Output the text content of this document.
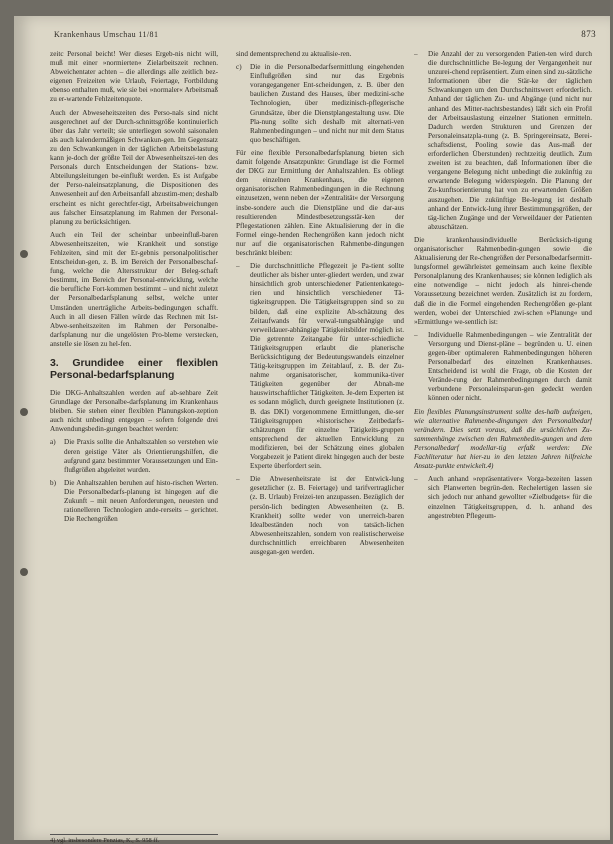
Krankenhaus Umschau 11/81	873

zeitc Personal beicht! Wer dieses Ergeb-nis nicht will, muß mit einer »normierten« Zielarbeitszeit rechnen. Abweichentater achten – die allerdings alle zeitlich bez-eigenen Freizeiten wie Urlaub, Feiertage, Fortbildung ebenso enthalten muß, wie sie bei »normaler« Arbeitsmaß zu er-wartende Fehlzeitenquote.

Auch der Abweseheitszeiten des Perso-nals sind nicht ausgerechnet auf der Durch-schnittsgröße kontinuierlich über das Jahr verteilt; sie unterliegen sowohl saisonalen als auch kalendermäßigen Schwankun-gen. Im Gegensatz zu den Schwankungen in der täglichen Arbeitsbelastung kann je-doch der größte Teil der Abwesenheitszei-ten des Personals durch Entscheidungen der Stations- bzw. Abteilungsleitungen be-einflußt werden. Es ist Aufgabe der Perso-naleinsatzplanung, die Dispositionen des Anwesenheit auf den Arbeitsanfall abzustim-men; deshalb erscheint es nicht gerechtfer-tigt, Arbeitsabweichungen aus falscher Einsatzplanung im Rahmen der Personal-planung zu berücksichtigen.

Auch ein Teil der scheinbar unbeeinfluß-baren Abwesenheitszeiten, wie Krankheit und sonstige Fehlzeiten, sind mit der Er-gebnis personalpolitischer Entscheidun-gen, z. B. im Bereich der Personalbeschaf-fung, welche die Altersstruktur der Beleg-schaft bestimmt, im Bereich der Personal-entwicklung, welche die berufliche Fort-kommen bestimmt – und nicht zuletzt der Personalbedarfsplanung selbst, welche unter Umständen unerträgliche Arbeits-bedingungen schafft. Auch in all diesen Fällen würde das Rechnen mit Ist-Abwe-senheitszeiten im Rahmen der Personalbe-darfsplanung nur die ungelösten Pro-bleme verstecken, anstelle sie lösen zu hel-fen.

3. Grundidee einer flexiblen Personal-bedarfsplanung

Die DKG-Anhaltszahlen werden auf ab-sehbare Zeit Grundlage der Personalbe-darfsplanung im Krankenhaus bleiben. Sie stehen einer flexiblen Planungskon-zeption auch nicht unbedingt entgegen – sofern folgende drei Anwendungsbedin-gungen beachtet werden:

a)	Die Praxis sollte die Anhaltszahlen so verstehen wie deren geistige Väter als Orientierungshilfen, die aufgrund ganz bestimmter Voraussetzungen und Ein-flußgrößen abgeleitet wurden.
b)	Die Anhaltszahlen beruhen auf histo-rischen Werten. Die Personalbedarfs-planung ist hingegen auf die Zukunft – mit neuen Anforderungen, neuesten und rationelleren Technologien ande-rerseits – gerichtet. Die Rechengrößen
4) vgl. insbesondere Penzias, K., S. 958 ff.

sind dementsprechend zu aktualisie-ren.

c)	Die in die Personalbedarfsermittlung eingehenden Einflußgrößen sind nur das Ergebnis vorangegangener Ent-scheidungen, z. B. über den baulichen Zustand des Hauses, über medizini-sche Technologien, über medizinisch-pflegerische Grundsätze, über die Dienstplangestaltung usw. Die Pla-nung sollte sich deshalb mit alternati-ven Rahmenbedingungen – und nicht nur mit dem Status quo beschäftigen.

Für eine flexible Personalbedarfsplanung bieten sich damit folgende Ansatzpunkte: Grundlage ist die Formel der DKG zur Ermittlung der Anhaltszahlen. Es obliegt dem einzelnen Krankenhaus, die eigenen organisatorischen Rahmenbedingungen in die Rechnung einzusetzen, wenn neben der »Zentralität« der Versorgung insbe-sondere auch die Dienstpläne und die dar-aus resultierenden Mindestbesetzungsstär-ken der Pflegestationen zählen. Eine Aktualisierung der in die Formel einge-henden Rechengrößen kann jedoch nicht nur auf die organisatorischen Rahmenbe-dingungen beschränkt bleiben:

–	Die durchschnittliche Pflegezeit je Pa-tient sollte deutlicher als bisher unter-gliedert werden, und zwar hinsichtlich grob unterschiedener Patientenkatego-rien und hinsichtlich verschiedener Tä-tigkeitsgruppen. Die Tätigkeitsgruppen sind so zu bilden, daß eine explizite Ab-schätzung des Zeitaufwands für verwal-tungsabhängige und verweildauer-abhängige Tätigkeitsbilder möglich ist. Die getrennte Zeitangabe für unter-schiedliche Tätigkeitsgruppen erlaubt die planerische Berücksichtigung der Bedeutungswandels einzelner Tätig-keitsgruppen im Zeitablauf, z. B. der Zu-nahme organisatorischer, kommunika-tiver Tätigkeiten gegenüber der Abnah-me hauswirtschaftlicher Tätigkeiten. Je-dem Experten ist es sodann möglich, durch geeignete Institutionen (z. B. das DKI) vorgenommene Ermittlungen, die-ser Tätigkeitsgruppen »historische« Zeitbedarfs-schätzungen für einzelne Tätigkeits-gruppen entsprechend der aktuellen Entwicklung zu modifizieren, bei der Schätzung eines globalen Vorgabezeit je Patient direkt hingegen auch der beste Experte überfordert sein.
–	Die Abwesenheitsrate ist der Entwick-lung gesetzlicher (z. B. Feiertage) und tarifvertraglicher (z. B. Urlaub) Freizei-ten anzupassen. Bezüglich der persön-lich bedingten Abwesenheiten (z. B. Krankheit) sollte weder von unerreich-baren Idealbeständen noch von tatsäch-lichen Abwesenheitszahlen, sondern von realistischerweise durchschnittlich erreichbaren Abwesenheiten ausgegan-gen werden.
–	Die Anzahl der zu versorgenden Patien-ten wird durch die durchschnittliche Be-legung der Vergangenheit nur unzurei-chend repräsentiert. Zum einen sind zu-sätzliche Informationen über die Stär-ke der täglichen Schwankungen um den Durchschnittswert erforderlich. Anhand der täglichen Zu- und Abgänge (und nicht nur anhand des Mitter-nachtsbestandes) läßt sich ein Profil der Arbeitsauslastung einzelner Stationen ermitteln. Dadurch werden Strukturen und Grenzen der Personaleinsatzpla-nung (z. B. Springereinsatz, Berei-schaftsdienst, Pooling sowie das Aus-maß der erforderlichen Überstunden) rechtzeitig deutlich. Zum zweiten ist zu beachten, daß Informationen über die vergangene Belegung nicht unbedingt die zukünftig zu erwartende Belegung widerspiegeln. Die Planung der Zu-kunftsorientierung hat von zu erwartenden Größen auszugehen. Die zukünftige Be-legung ist deshalb anhand der Entwick-lung ihrer Bestimmungsgrößen, der täg-lichen Zugänge und der Verweildauer der Patienten abzuschätzen.

Die krankenhausindividuelle Berücksich-tigung organisatorischer Rahmenbedin-gungen sowie die Aktualisierung der Re-chengrößen der Personalbedarfsermitt-lungsformel gewährleistet gemeinsam auch keine flexible Personalplanung des Krankenhauses; sie können lediglich als eine notwendige – nicht jedoch als hinrei-chende Voraussetzung bezeichnet werden. Zusätzlich ist zu fordern, daß die in die Formel eingehenden Rechengrößen ge-plant werden, wobei der Unterschied zwi-schen »Planung« und »Ermittlung« we-sentlich ist:

–	Individuelle Rahmenbedingungen – wie Zentralität der Versorgung und Dienst-pläne – begründen u. U. einen gegen-über optimaleren Rahmenbedingungen höheren Personalbedarf des einzelnen Krankenhauses. Entscheidend ist wohl die Frage, ob die Kosten der Verände-rung der Rahmenbedingungen durch damit verbundene Personaleinsparun-gen gedeckt werden können oder nicht.

Ein flexibles Planungsinstrument sollte des-halb aufzeigen, wie alternative Rahmenbe-dingungen den Personalbedarf verändern. Dies setzt voraus, daß die ursächlichen Zu-sammenhänge zwischen den Rahmenbedin-gungen und dem Personalbedarf modellar-tig erfaßt werden: Die Fachliteratur hat hier-zu in den letzten Jahren hilfreiche Ansatz-punkte entwickelt.4)

–	Auch anhand »repräsentativer« Vorga-bezeiten lassen sich Planwerten begrün-den. Rechelertigen lassen sie sich jedoch nur anhand gewollter »Zielbudgets« für die einzelnen Tätigkeitsgruppen, d. h. anhand des angestrebten Pflegeum-
